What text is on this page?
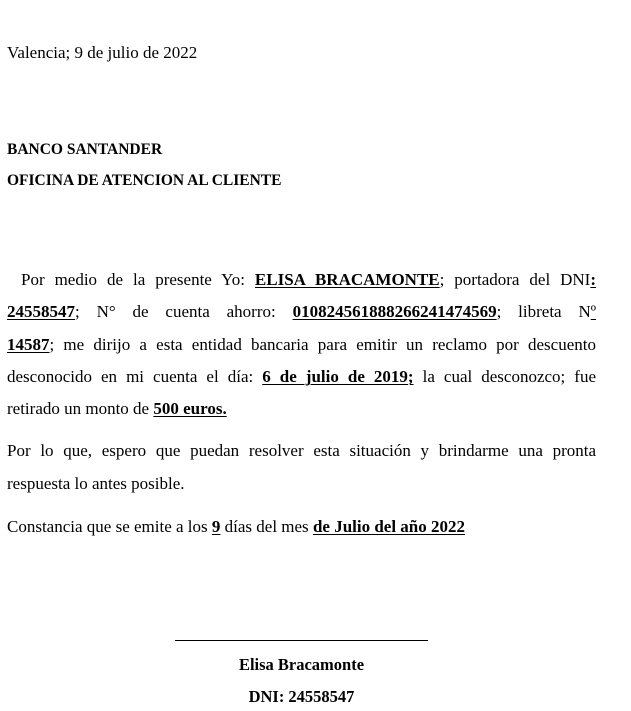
Valencia; 9 de julio de 2022
BANCO SANTANDER
OFICINA DE ATENCION AL CLIENTE
Por medio de la presente Yo: ELISA BRACAMONTE; portadora del DNI:
24558547; N° de cuenta ahorro: 010824561888266241474569; libreta Nº
14587; me dirijo a esta entidad bancaria para emitir un reclamo por descuento
desconocido en mi cuenta el día: 6 de julio de 2019; la cual desconozco; fue
retirado un monto de 500 euros.
Por lo que, espero que puedan resolver esta situación y brindarme una pronta
respuesta lo antes posible.
Constancia que se emite a los 9 días del mes de Julio del año 2022
Elisa Bracamonte
DNI: 24558547
